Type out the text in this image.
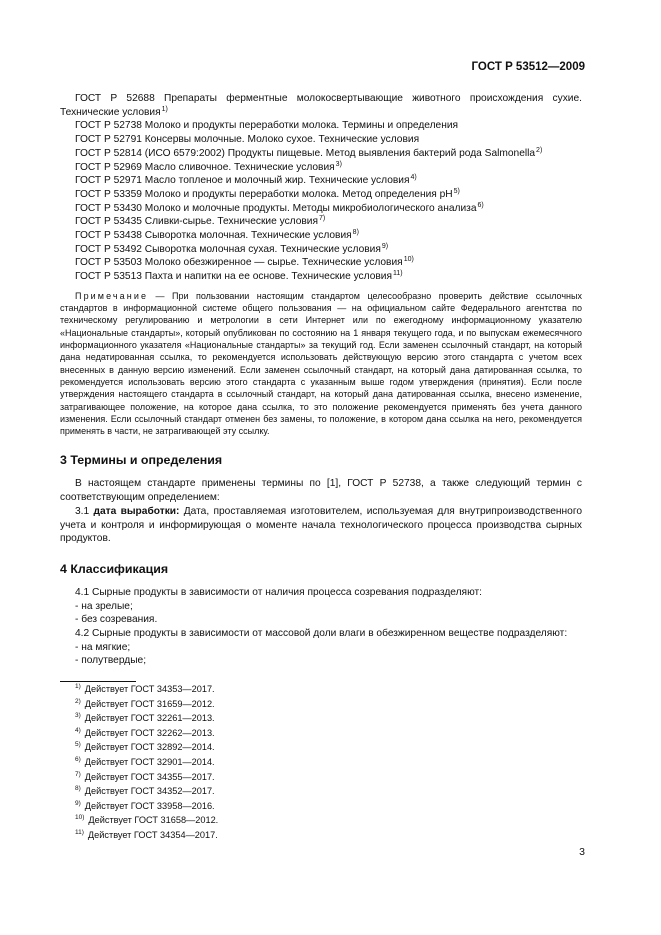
ГОСТ Р 53512—2009

ГОСТ Р 52688 Препараты ферментные молокосвертывающие животного происхождения сухие. Технические условия$^{1)}$

ГОСТ Р 52738 Молоко и продукты переработки молока. Термины и определения

ГОСТ Р 52791 Консервы молочные. Молоко сухое. Технические условия

ГОСТ Р 52814 (ИСО 6579:2002) Продукты пищевые. Метод выявления бактерий рода Salmonella$^{2)}$

ГОСТ Р 52969 Масло сливочное. Технические условия$^{3)}$

ГОСТ Р 52971 Масло топленое и молочный жир. Технические условия$^{4)}$

ГОСТ Р 53359 Молоко и продукты переработки молока. Метод определения $pH^{5)}$

ГОСТ Р 53430 Молоко и молочные продукты. Методы микробиологического анализа$^{6)}$

ГОСТ Р 53435 Сливки-сырье. Технические условия$^{7)}$

ГОСТ Р 53438 Сыворотка молочная. Технические условия$^{8)}$

ГОСТ Р 53492 Сыворотка молочная сухая. Технические условия$^{9)}$

ГОСТ Р 53503 Молоко обезжиренное — сырье. Технические условия$^{10)}$

ГОСТ Р 53513 Пахта и напитки на ее основе. Технические условия$^{11)}$

Примечание — При пользовании настоящим стандартом целесообразно проверить действие ссылочных стандартов в информационной системе общего пользования — на официальном сайте Федерального агентства по техническому регулированию и метрологии в сети Интернет или по ежегодному информационному указателю «Национальные стандарты», который опубликован по состоянию на 1 января текущего года, и по выпускам ежемесячного информационного указателя «Национальные стандарты» за текущий год. Если заменен ссылочный стандарт, на который дана недатированная ссылка, то рекомендуется использовать действующую версию этого стандарта с учетом всех внесенных в данную версию изменений. Если заменен ссылочный стандарт, на который дана датированная ссылка, то рекомендуется использовать версию этого стандарта с указанным выше годом утверждения (принятия). Если после утверждения настоящего стандарта в ссылочный стандарт, на который дана датированная ссылка, внесено изменение, затрагивающее положение, на которое дана ссылка, то это положение рекомендуется применять без учета данного изменения. Если ссылочный стандарт отменен без замены, то положение, в котором дана ссылка на него, рекомендуется применять в части, не затрагивающей эту ссылку.

3 Термины и определения

В настоящем стандарте применены термины по [1], ГОСТ Р 52738, а также следующий термин с соответствующим определением:

3.1 дата выработки: Дата, проставляемая изготовителем, используемая для внутрипроизводственного учета и контроля и информирующая о моменте начала технологического процесса производства сырных продуктов.

4 Классификация

4.1 Сырные продукты в зависимости от наличия процесса созревания подразделяют:

- на зрелые;

- без созревания.

4.2 Сырные продукты в зависимости от массовой доли влаги в обезжиренном веществе подразделяют:

- на мягкие;

- полутвердые;

$^{1)}$ Действует ГОСТ 34353—2017.
$^{2)}$ Действует ГОСТ 31659—2012.
$^{3)}$ Действует ГОСТ 32261—2013.
$^{4)}$ Действует ГОСТ 32262—2013.
$^{5)}$ Действует ГОСТ 32892—2014.
$^{6)}$ Действует ГОСТ 32901—2014.
$^{7)}$ Действует ГОСТ 34355—2017.
$^{8)}$ Действует ГОСТ 34352—2017.
$^{9)}$ Действует ГОСТ 33958—2016.
$^{10)}$ Действует ГОСТ 31658—2012.
$^{11)}$ Действует ГОСТ 34354—2017.
3
